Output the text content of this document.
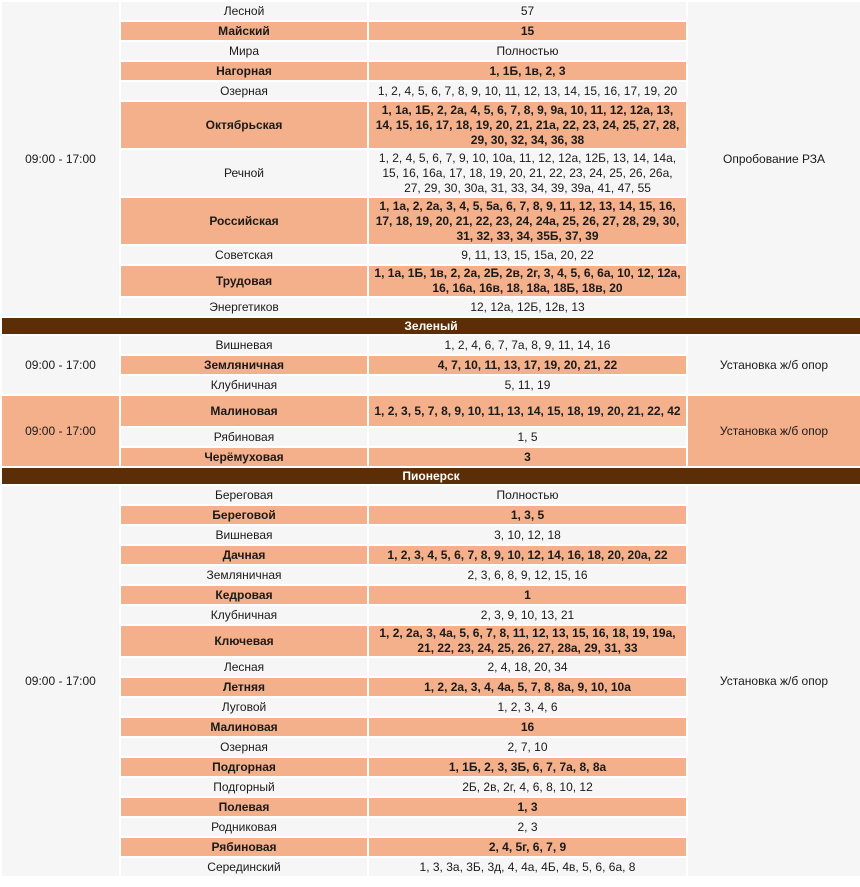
09:00 - 17:00	Лесной	57	Опробование РЗА
	Майский	15	
	Мира	Полностью	
	Нагорная	1, 1Б, 1в, 2, 3	
	Озерная	1, 2, 4, 5, 6, 7, 8, 9, 10, 11, 12, 13, 14, 15, 16, 17, 19, 20	
	Октябрьская	1, 1а, 1Б, 2, 2а, 4, 5, 6, 7, 8, 9, 9а, 10, 11, 12, 12а, 13, 14, 15, 16, 17, 18, 19, 20, 21, 21а, 22, 23, 24, 25, 27, 28, 29, 30, 32, 34, 36, 38	
	Речной	1, 2, 4, 5, 6, 7, 9, 10, 10а, 11, 12, 12а, 12Б, 13, 14, 14а, 15, 16, 16а, 17, 18, 19, 20, 21, 22, 23, 24, 25, 26, 26а, 27, 29, 30, 30а, 31, 33, 34, 39, 39а, 41, 47, 55	
	Российская	1, 1а, 2, 2а, 3, 4, 5, 5а, 6, 7, 8, 9, 11, 12, 13, 14, 15, 16, 17, 18, 19, 20, 21, 22, 23, 24, 24а, 25, 26, 27, 28, 29, 30, 31, 32, 33, 34, 35Б, 37, 39	
	Советская	9, 11, 13, 15, 15а, 20, 22	
	Трудовая	1, 1а, 1Б, 1в, 2, 2а, 2Б, 2в, 2г, 3, 4, 5, 6, 6а, 10, 12, 12а, 16, 16а, 16в, 18, 18а, 18Б, 18в, 20	
	Энергетиков	12, 12а, 12Б, 12в, 13	
Зеленый			
09:00 - 17:00	Вишневая	1, 2, 4, 6, 7, 7а, 8, 9, 11, 14, 16	Установка ж/б опор
	Земляничная	4, 7, 10, 11, 13, 17, 19, 20, 21, 22	
	Клубничная	5, 11, 19	
09:00 - 17:00	Малиновая	1, 2, 3, 5, 7, 8, 9, 10, 11, 13, 14, 15, 18, 19, 20, 21, 22, 42	Установка ж/б опор
	Рябиновая	1, 5	
	Черёмуховая	3	
Пионерск			
09:00 - 17:00	Береговая	Полностью	Установка ж/б опор
	Береговой	1, 3, 5	
	Вишневая	3, 10, 12, 18	
	Дачная	1, 2, 3, 4, 5, 6, 7, 8, 9, 10, 12, 14, 16, 18, 20, 20а, 22	
	Земляничная	2, 3, 6, 8, 9, 12, 15, 16	
	Кедровая	1	
	Клубничная	2, 3, 9, 10, 13, 21	
	Ключевая	1, 2, 2а, 3, 4а, 5, 6, 7, 8, 11, 12, 13, 15, 16, 18, 19, 19а, 21, 22, 23, 24, 25, 26, 27, 28а, 29, 31, 33	
	Лесная	2, 4, 18, 20, 34	
	Летняя	1, 2, 2а, 3, 4, 4а, 5, 7, 8, 8а, 9, 10, 10а	
	Луговой	1, 2, 3, 4, 6	
	Малиновая	16	
	Озерная	2, 7, 10	
	Подгорная	1, 1Б, 2, 3, 3Б, 6, 7, 7а, 8, 8а	
	Подгорный	2Б, 2в, 2г, 4, 6, 8, 10, 12	
	Полевая	1, 3	
	Родниковая	2, 3	
	Рябиновая	2, 4, 5г, 6, 7, 9	
	Серединский	1, 3, 3а, 3Б, 3д, 4, 4а, 4Б, 4в, 5, 6, 6а, 8	
